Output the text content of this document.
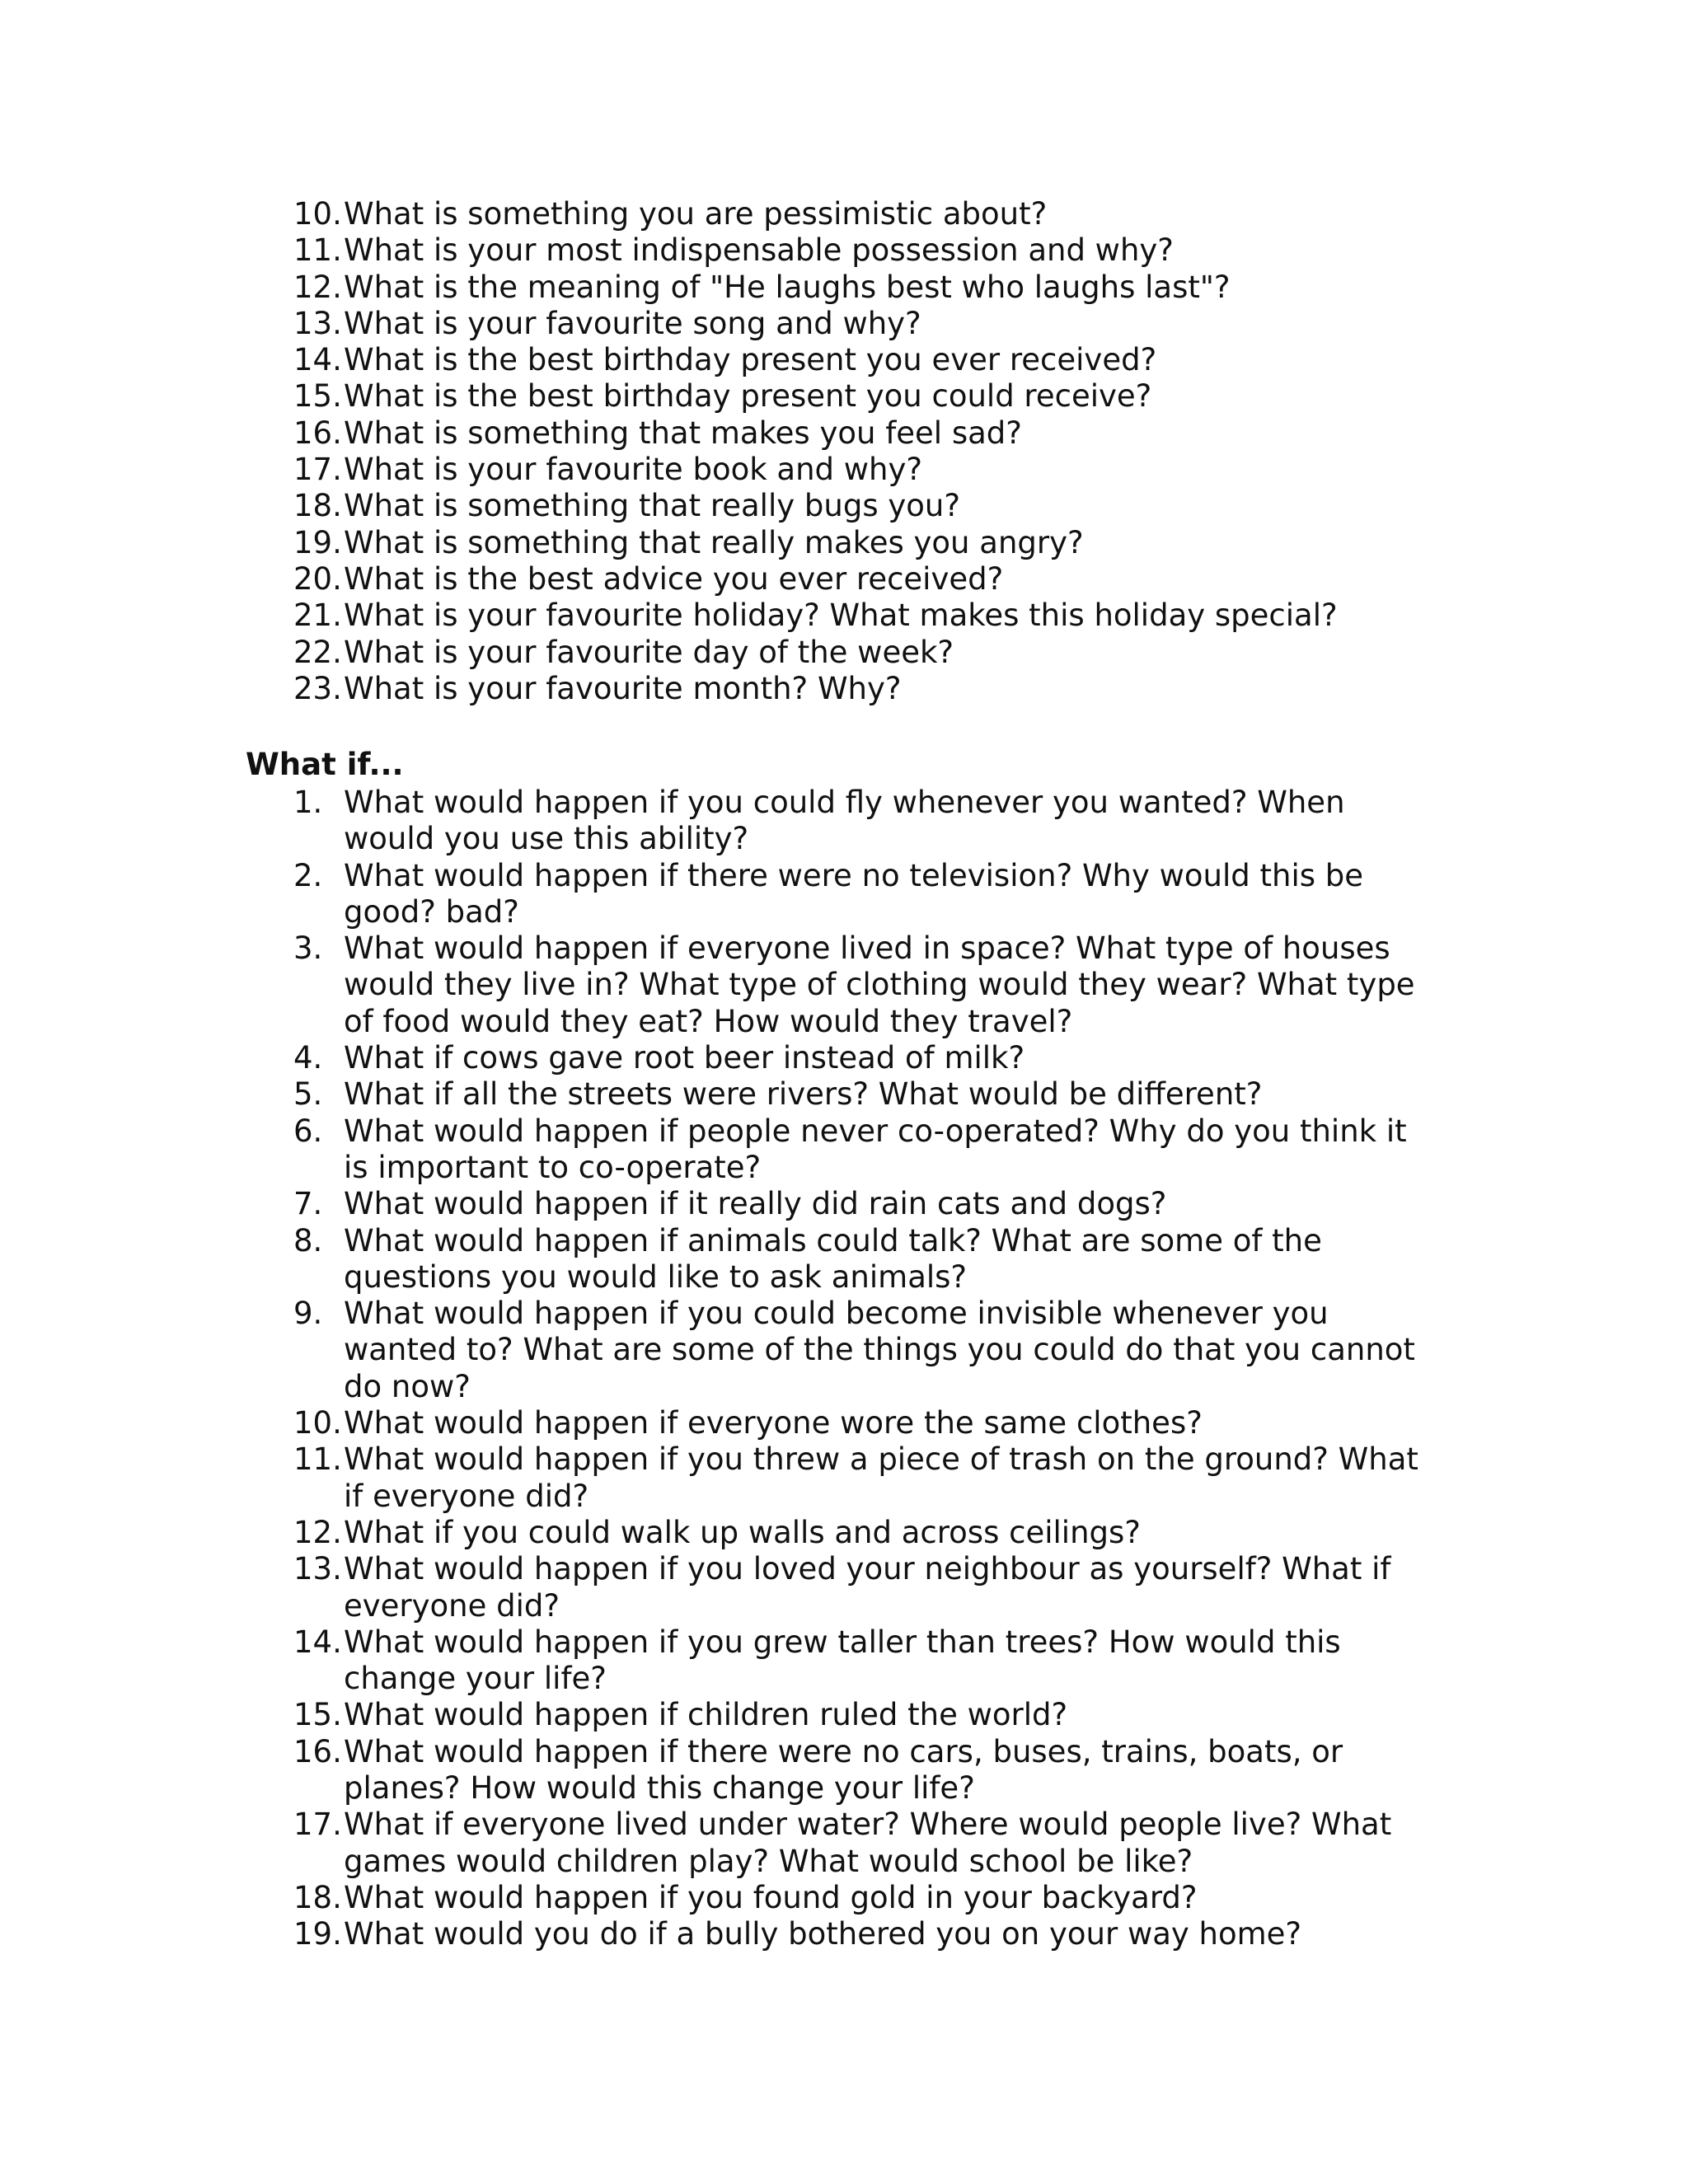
10. What is something you are pessimistic about?
11. What is your most indispensable possession and why?
12. What is the meaning of "He laughs best who laughs last"?
13. What is your favourite song and why?
14. What is the best birthday present you ever received?
15. What is the best birthday present you could receive?
16. What is something that makes you feel sad?
17. What is your favourite book and why?
18. What is something that really bugs you?
19. What is something that really makes you angry?
20. What is the best advice you ever received?
21. What is your favourite holiday? What makes this holiday special?
22. What is your favourite day of the week?
23. What is your favourite month? Why?
What if...
1. What would happen if you could fly whenever you wanted? When would you use this ability?
2. What would happen if there were no television? Why would this be good? bad?
3. What would happen if everyone lived in space? What type of houses would they live in? What type of clothing would they wear? What type of food would they eat? How would they travel?
4. What if cows gave root beer instead of milk?
5. What if all the streets were rivers? What would be different?
6. What would happen if people never co-operated? Why do you think it is important to co-operate?
7. What would happen if it really did rain cats and dogs?
8. What would happen if animals could talk? What are some of the questions you would like to ask animals?
9. What would happen if you could become invisible whenever you wanted to? What are some of the things you could do that you cannot do now?
10. What would happen if everyone wore the same clothes?
11. What would happen if you threw a piece of trash on the ground? What if everyone did?
12. What if you could walk up walls and across ceilings?
13. What would happen if you loved your neighbour as yourself? What if everyone did?
14. What would happen if you grew taller than trees? How would this change your life?
15. What would happen if children ruled the world?
16. What would happen if there were no cars, buses, trains, boats, or planes? How would this change your life?
17. What if everyone lived under water? Where would people live? What games would children play? What would school be like?
18. What would happen if you found gold in your backyard?
19. What would you do if a bully bothered you on your way home?
